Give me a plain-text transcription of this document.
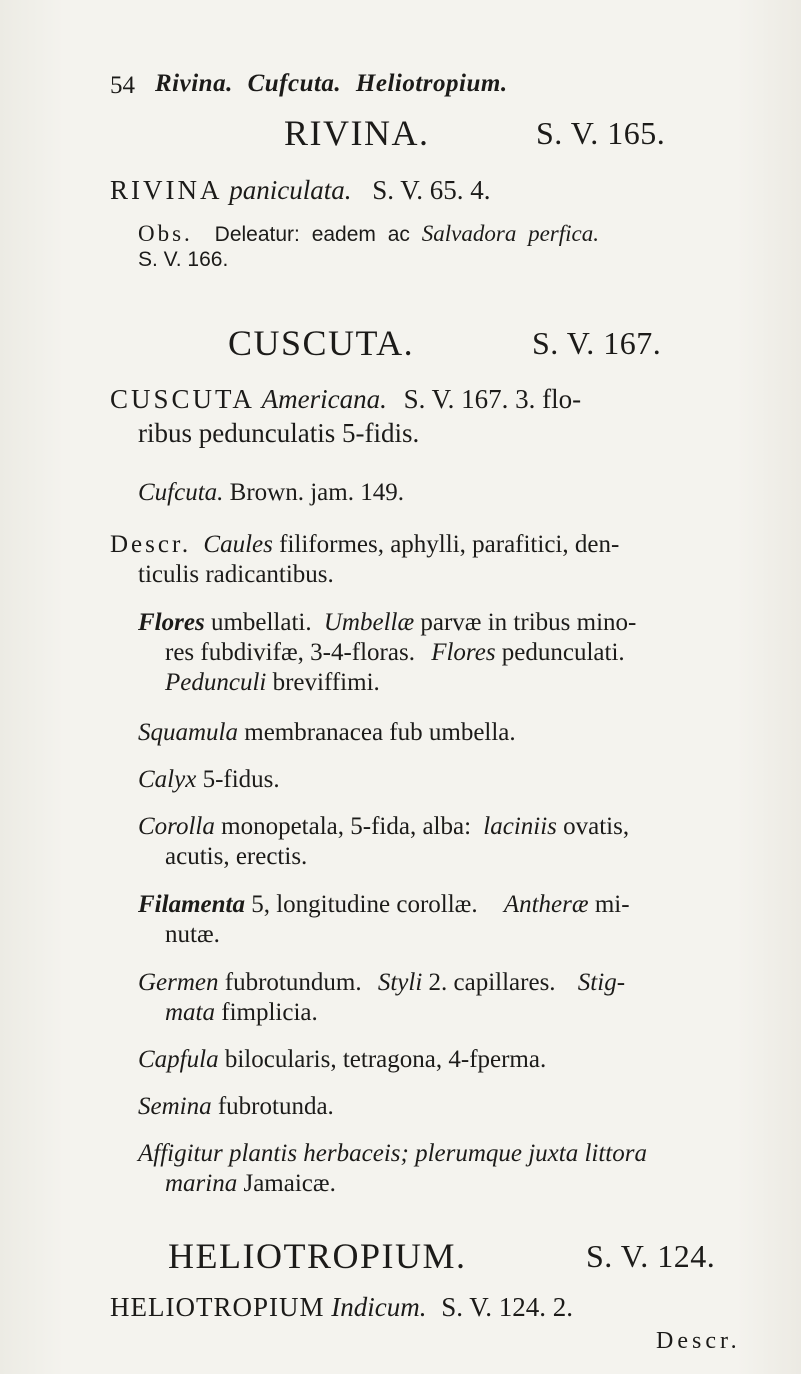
54 Rivina. Cufcuta. Heliotropium.
RIVINA.	S. V. 165.
RIVINA paniculata. S. V. 65. 4.
Obs. Deleatur: eadem ac Salvadora perfica.
S. V. 166.
CUSCUTA.	S. V. 167.
CUSCUTA Americana. S. V. 167. 3. flo-
ribus pedunculatis 5-fidis.
Cufcuta. Brown. jam. 149.
Descr. Caules filiformes, aphylli, parafitici, den-
ticulis radicantibus.
Flores umbellati. Umbellæ parvæ in tribus mino-
res fubdivifæ, 3-4-floras. Flores pedunculati.
Pedunculi breviffimi.
Squamula membranacea fub umbella.
Calyx 5-fidus.
Corolla monopetala, 5-fida, alba: laciniis ovatis,
acutis, erectis.
Filamenta 5, longitudine corollæ. Antheræ mi-
nutæ.
Germen fubrotundum. Styli 2. capillares. Stig-
mata fimplicia.
Capfula bilocularis, tetragona, 4-fperma.
Semina fubrotunda.
Affigitur plantis herbaceis; plerumque juxta littora
marina Jamaicæ.
HELIOTROPIUM.	S. V. 124.
HELIOTROPIUM Indicum. S. V. 124. 2.
Descr.
